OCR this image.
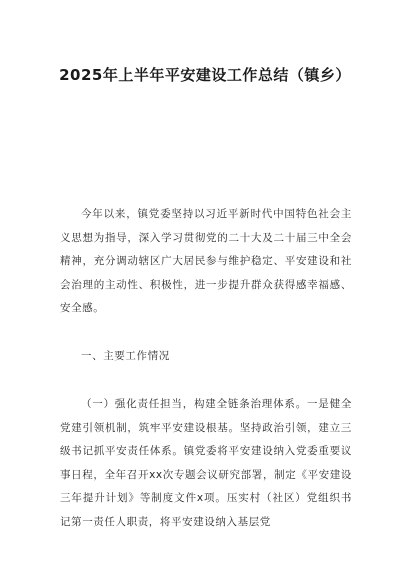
2025年上半年平安建设工作总结（镇乡）

今年以来，镇党委坚持以习近平新时代中国特色社会主义思想为指导，深入学习贯彻党的二十大及二十届三中全会精神，充分调动辖区广大居民参与维护稳定、平安建设和社会治理的主动性、积极性，进一步提升群众获得感幸福感、安全感。

一、主要工作情况

（一）强化责任担当，构建全链条治理体系。一是健全党建引领机制，筑牢平安建设根基。坚持政治引领，建立三级书记抓平安责任体系。镇党委将平安建设纳入党委重要议事日程，全年召开xx次专题会议研究部署，制定《平安建设三年提升计划》等制度文件x项。压实村（社区）党组织书记第一责任人职责，将平安建设纳入基层党
